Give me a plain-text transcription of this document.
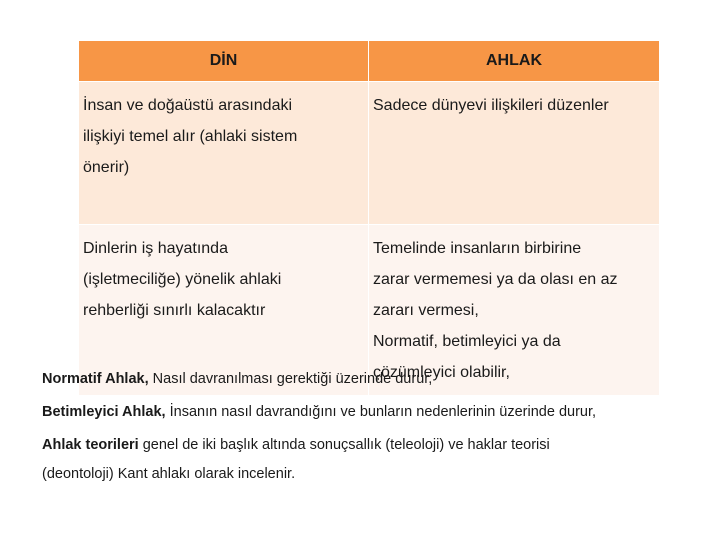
DİN	AHLAK

İnsan ve doğaüstü arasındaki
ilişkiyi temel alır (ahlaki sistem
önerir)	Sadece dünyevi ilişkileri düzenler

Dinlerin iş hayatında
(işletmeciliğe) yönelik ahlaki
rehberliği sınırlı kalacaktır	Temelinde insanların birbirine
zarar vermemesi ya da olası en az
zararı vermesi,
Normatif, betimleyici ya da
çözümleyici olabilir,
Normatif Ahlak, Nasıl davranılması gerektiği üzerinde durur,
Betimleyici Ahlak, İnsanın nasıl davrandığını ve bunların nedenlerinin üzerinde durur,
Ahlak teorileri genel de iki başlık altında sonuçsallık (teleoloji) ve haklar teorisi
(deontoloji) Kant ahlakı olarak incelenir.
